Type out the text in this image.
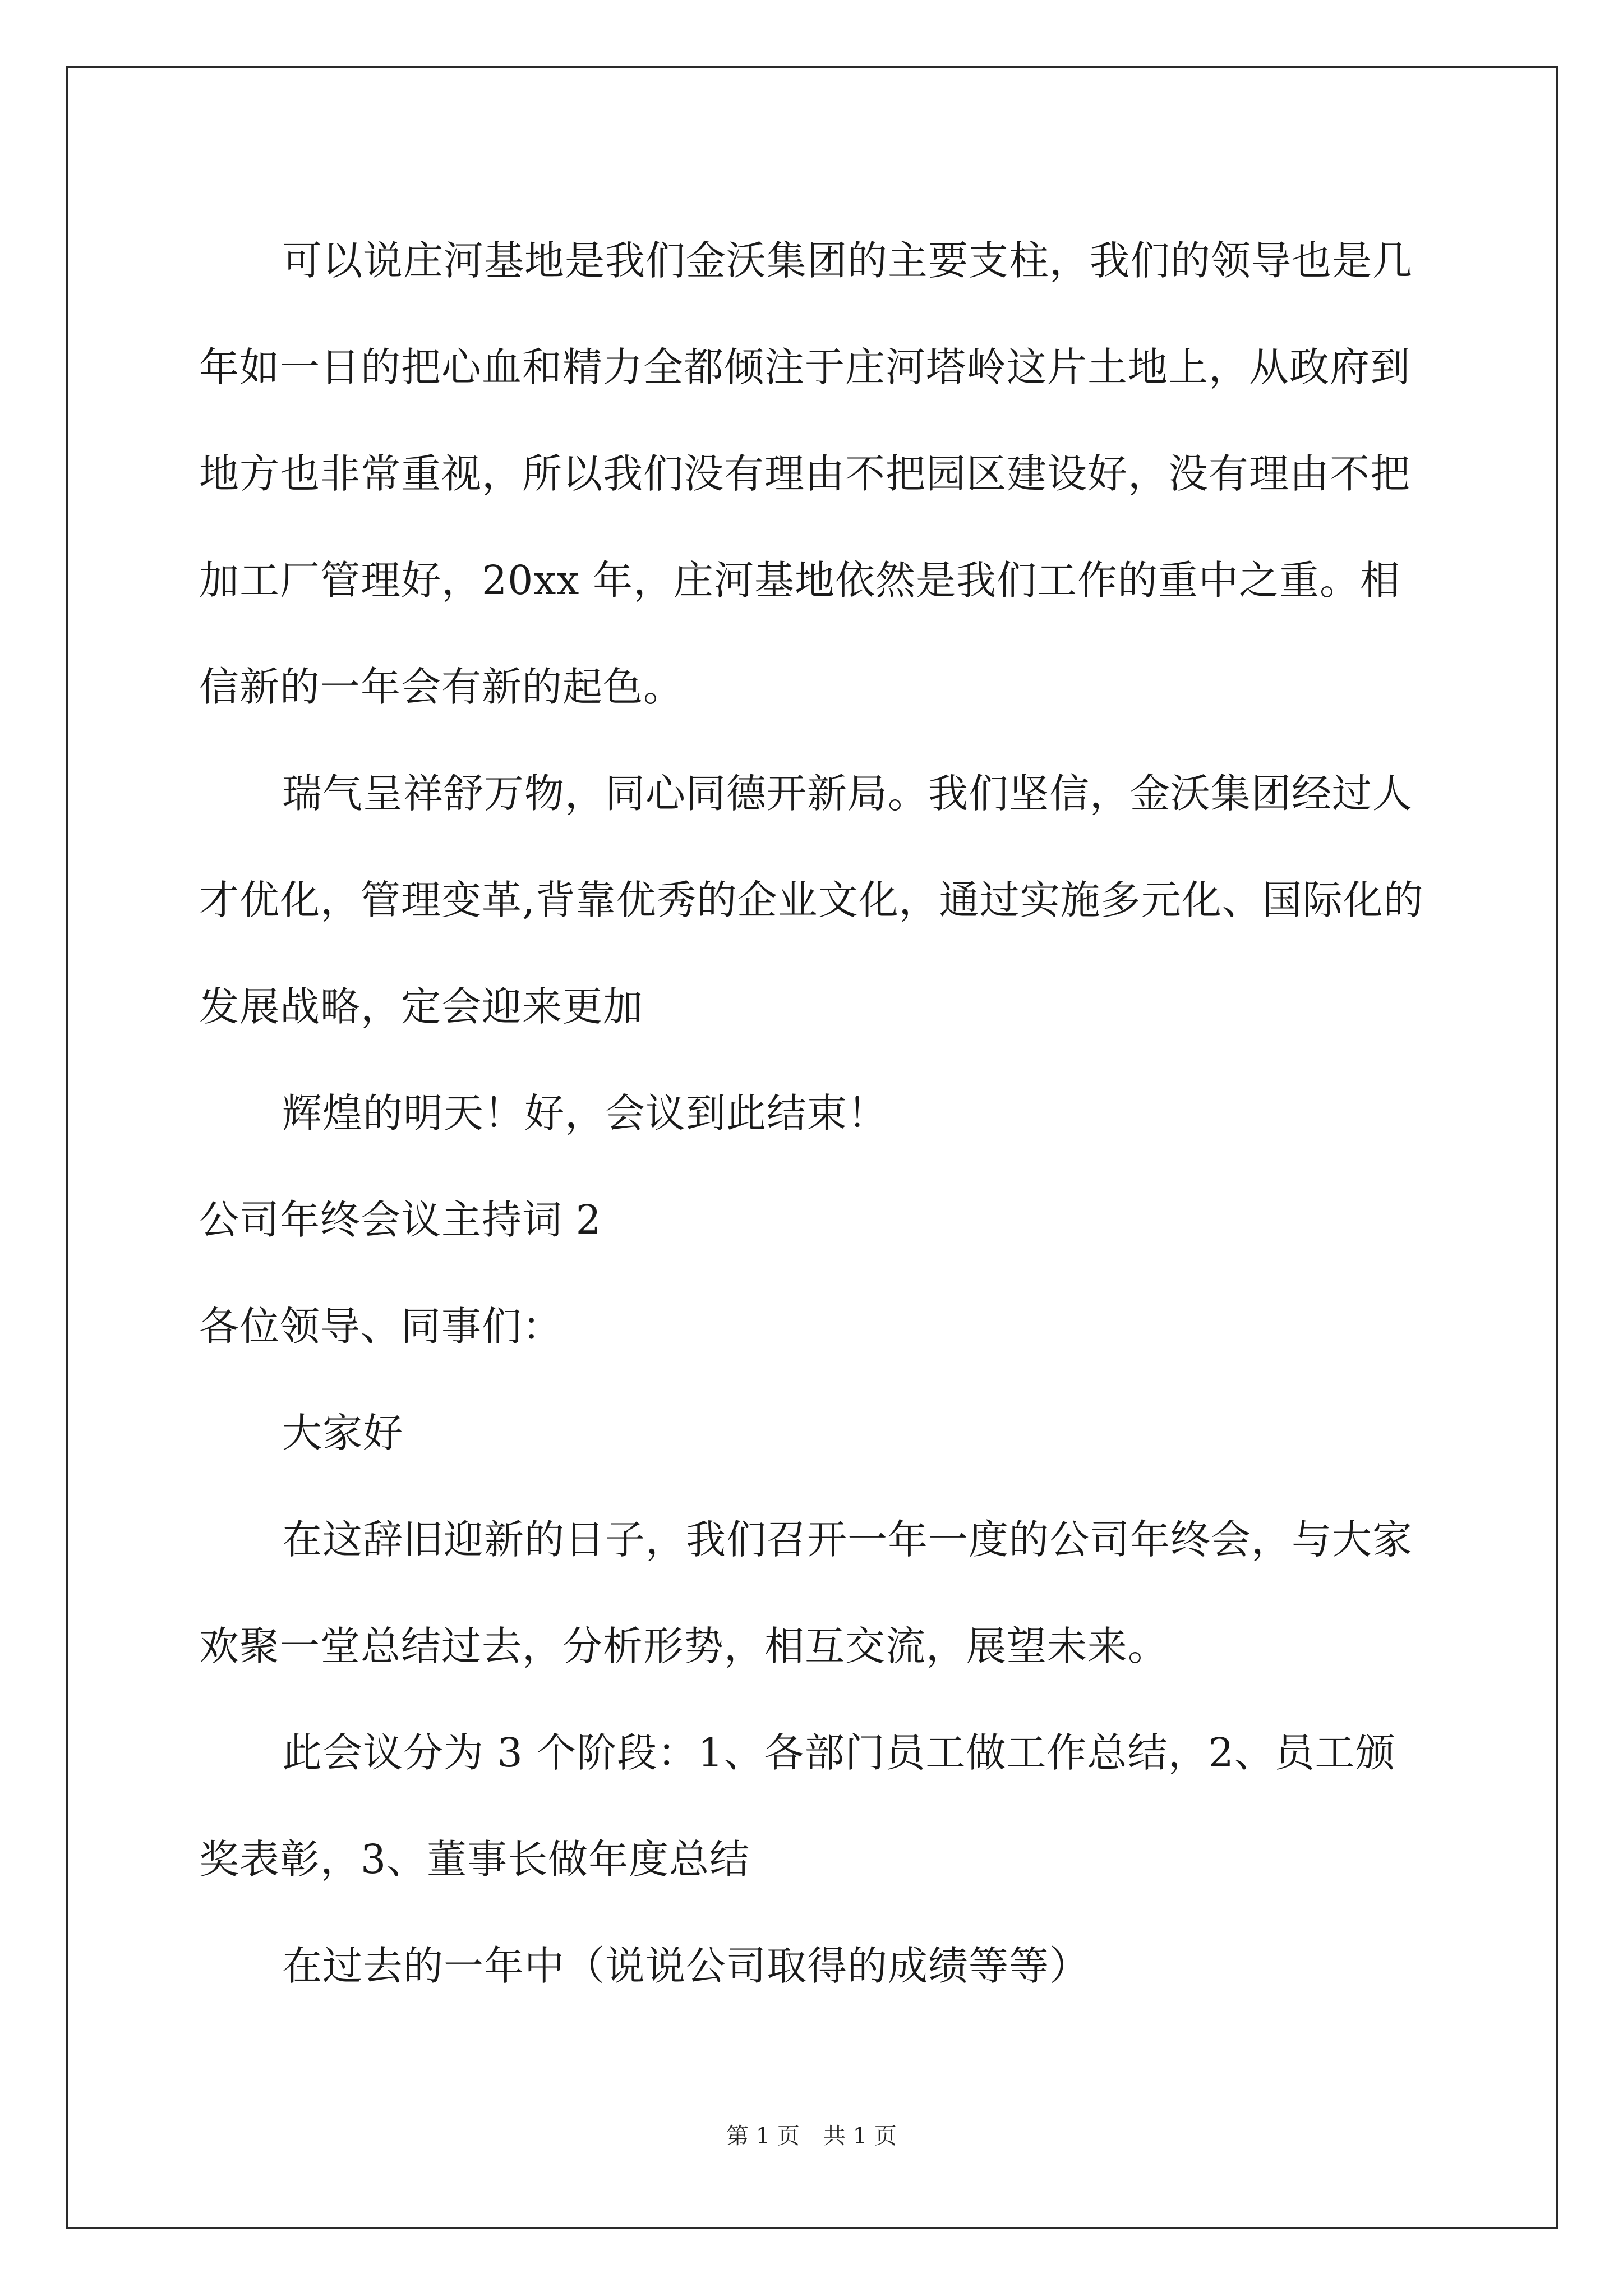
可以说庄河基地是我们金沃集团的主要支柱，我们的领导也是几年如一日的把心血和精力全都倾注于庄河塔岭这片土地上，从政府到地方也非常重视，所以我们没有理由不把园区建设好，没有理由不把加工厂管理好，20xx 年，庄河基地依然是我们工作的重中之重。相信新的一年会有新的起色。

瑞气呈祥舒万物，同心同德开新局。我们坚信，金沃集团经过人才优化，管理变革,背靠优秀的企业文化，通过实施多元化、国际化的发展战略，定会迎来更加

辉煌的明天！好，会议到此结束！

公司年终会议主持词 2

各位领导、同事们：

大家好

在这辞旧迎新的日子，我们召开一年一度的公司年终会，与大家欢聚一堂总结过去，分析形势，相互交流，展望未来。

此会议分为 3 个阶段：1、各部门员工做工作总结，2、员工颁奖表彰，3、董事长做年度总结

在过去的一年中（说说公司取得的成绩等等）

第 1 页 共 1 页
